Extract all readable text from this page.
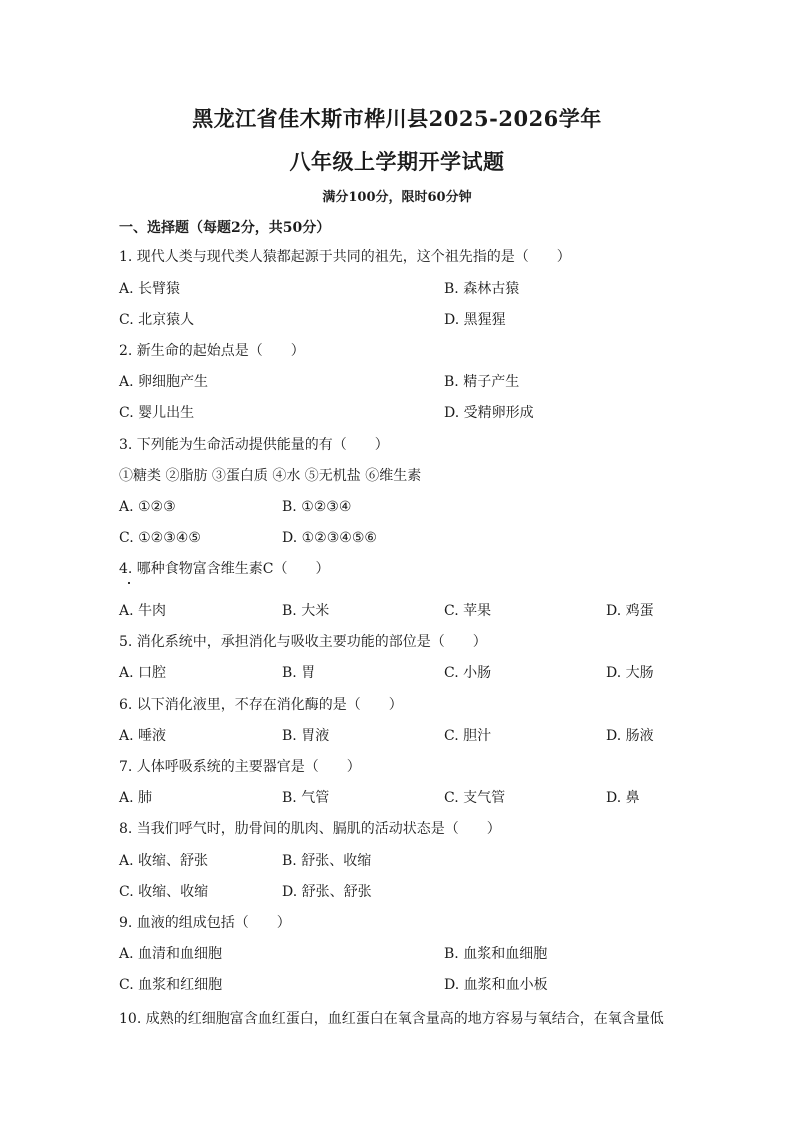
黑龙江省佳木斯市桦川县2025-2026学年
八年级上学期开学试题
满分100分，限时60分钟
一、选择题（每题2分，共50分）
1. 现代人类与现代类人猿都起源于共同的祖先，这个祖先指的是（　　）
A. 长臂猿	B. 森林古猿
C. 北京猿人	D. 黑猩猩
2. 新生命的起始点是（　　）
A. 卵细胞产生	B. 精子产生
C. 婴儿出生	D. 受精卵形成
3. 下列能为生命活动提供能量的有（　　）
①糖类 ②脂肪 ③蛋白质 ④水 ⑤无机盐 ⑥维生素
A. ①②③	B. ①②③④
C. ①②③④⑤	D. ①②③④⑤⑥
4. 哪种食物富含维生素C（　　）
A. 牛肉	B. 大米	C. 苹果	D. 鸡蛋
5. 消化系统中，承担消化与吸收主要功能的部位是（　　）
A. 口腔	B. 胃	C. 小肠	D. 大肠
6. 以下消化液里，不存在消化酶的是（　　）
A. 唾液	B. 胃液	C. 胆汁	D. 肠液
7. 人体呼吸系统的主要器官是（　　）
A. 肺	B. 气管	C. 支气管	D. 鼻
8. 当我们呼气时，肋骨间的肌肉、膈肌的活动状态是（　　）
A. 收缩、舒张	B. 舒张、收缩
C. 收缩、收缩	D. 舒张、舒张
9. 血液的组成包括（　　）
A. 血清和血细胞	B. 血浆和血细胞
C. 血浆和红细胞	D. 血浆和血小板
10. 成熟的红细胞富含血红蛋白，血红蛋白在氧含量高的地方容易与氧结合，在氧含量低
